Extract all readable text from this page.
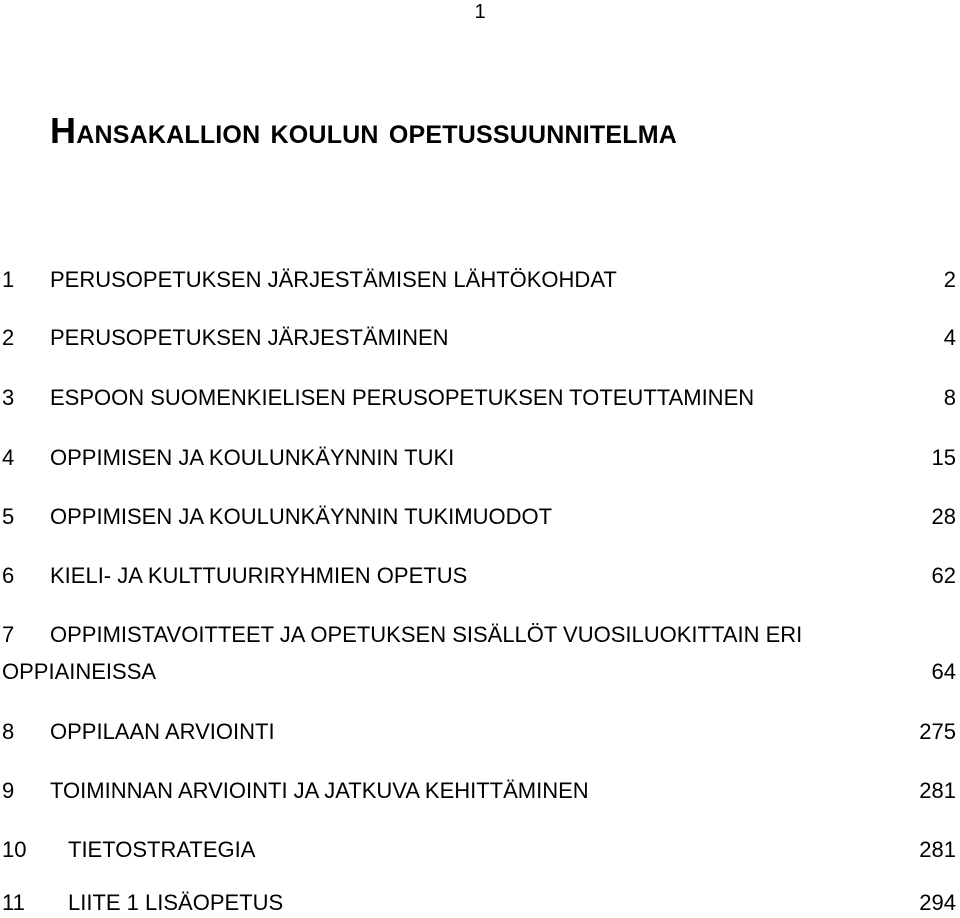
1
Hansakallion koulun opetussuunnitelma
1 PERUSOPETUKSEN JÄRJESTÄMISEN LÄHTÖKOHDAT	2
2 PERUSOPETUKSEN JÄRJESTÄMINEN	4
3 ESPOON SUOMENKIELISEN PERUSOPETUKSEN TOTEUTTAMINEN	8
4 OPPIMISEN JA KOULUNKÄYNNIN TUKI	15
5 OPPIMISEN JA KOULUNKÄYNNIN TUKIMUODOT	28
6 KIELI- JA KULTTUURIRYHMIEN OPETUS	62
7 OPPIMISTAVOITTEET JA OPETUKSEN SISÄLLÖT VUOSILUOKITTAIN ERI
OPPIAINEISSA	64
8 OPPILAAN ARVIOINTI	275
9 TOIMINNAN ARVIOINTI JA JATKUVA KEHITTÄMINEN	281
10 TIETOSTRATEGIA	281
11 LIITE 1 LISÄOPETUS	294
